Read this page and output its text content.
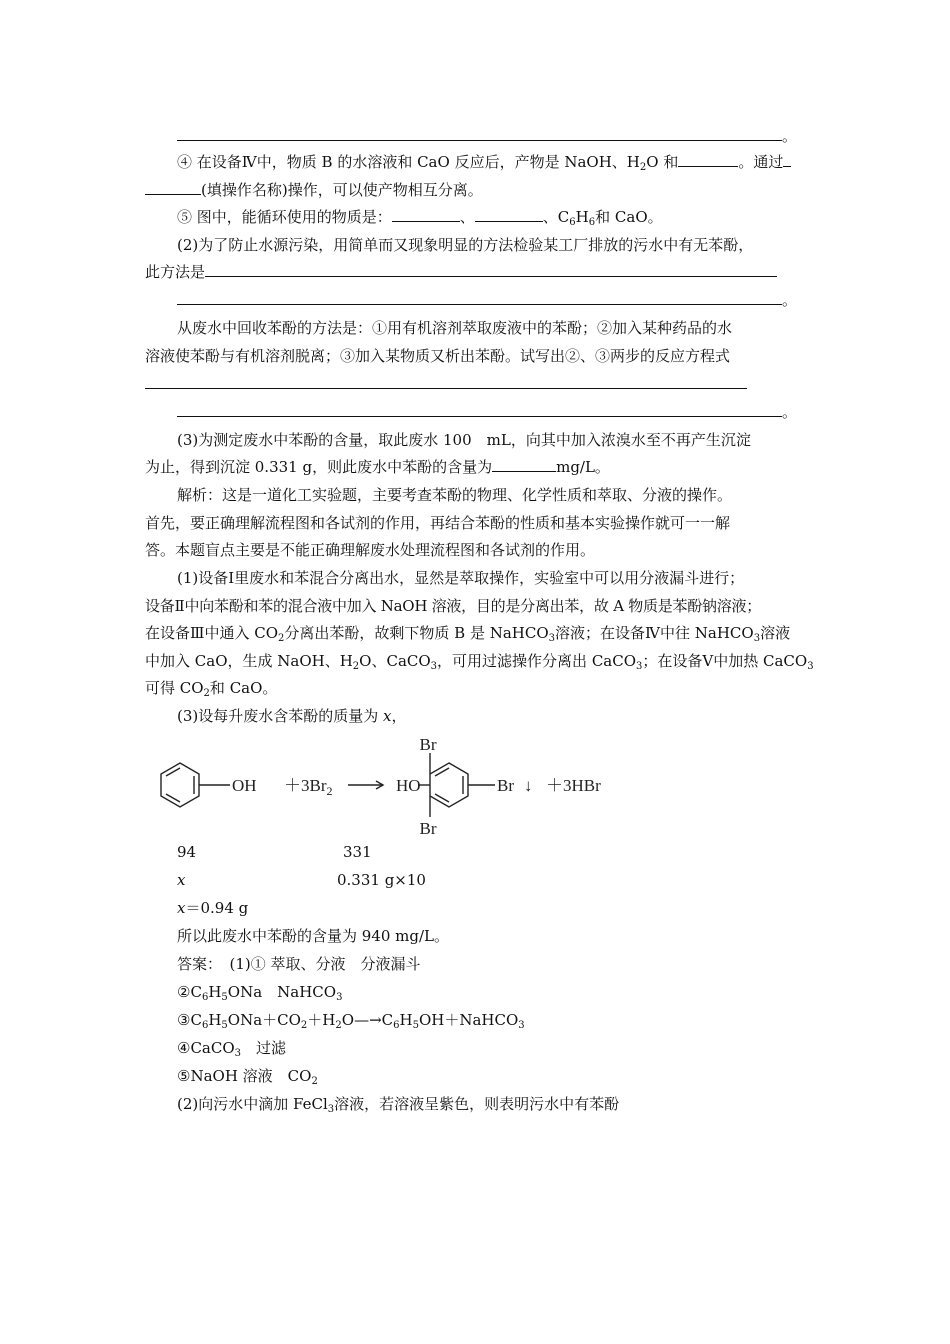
。
④ 在设备Ⅳ中，物质 B 的水溶液和 CaO 反应后，产物是 NaOH、$H_2O$ 和	。通过
(填操作名称)操作，可以使产物相互分离。
⑤ 图中，能循环使用的物质是：	、	、$C_6H_6$和 CaO。
(2)为了防止水源污染，用简单而又现象明显的方法检验某工厂排放的污水中有无苯酚，
此方法是
。
从废水中回收苯酚的方法是：①用有机溶剂萃取废液中的苯酚；②加入某种药品的水
溶液使苯酚与有机溶剂脱离；③加入某物质又析出苯酚。试写出②、③两步的反应方程式
。
(3)为测定废水中苯酚的含量，取此废水 100　mL，向其中加入浓溴水至不再产生沉淀
为止，得到沉淀 0.331 g，则此废水中苯酚的含量为	mg/L。
解析：这是一道化工实验题，主要考查苯酚的物理、化学性质和萃取、分液的操作。
首先，要正确理解流程图和各试剂的作用，再结合苯酚的性质和基本实验操作就可一一解
答。本题盲点主要是不能正确理解废水处理流程图和各试剂的作用。
(1)设备Ⅰ里废水和苯混合分离出水，显然是萃取操作，实验室中可以用分液漏斗进行；
设备Ⅱ中向苯酚和苯的混合液中加入 NaOH 溶液，目的是分离出苯，故 A 物质是苯酚钠溶液；
在设备Ⅲ中通入 $CO_2$分离出苯酚，故剩下物质 B 是 NaHCO$_3$溶液；在设备Ⅳ中往 NaHCO$_3$溶液
中加入 CaO，生成 NaOH、$H_2O$、CaCO$_3$，可用过滤操作分离出 CaCO$_3$；在设备Ⅴ中加热 CaCO$_3$
可得 $CO_2$和 CaO。
(3)设每升废水含苯酚的质量为 x，
94	331
x	0.331 g×10
x＝0.94 g
所以此废水中苯酚的含量为 940 mg/L。
答案：　(1)① 萃取、分液　分液漏斗
$②C_6H_5ONa$　NaHCO$_3$
$③C_6H_5ONa+CO_2+H_2O—\to C_6H_5OH+NaHCO_3$
④CaCO$_3$　过滤
⑤NaOH 溶液　$CO_2$
(2)向污水中滴加 FeCl$_3$溶液，若溶液呈紫色，则表明污水中有苯酚
OH $+3Br_2$	HO
Br
Br
Br ↓ ＋3HBr
